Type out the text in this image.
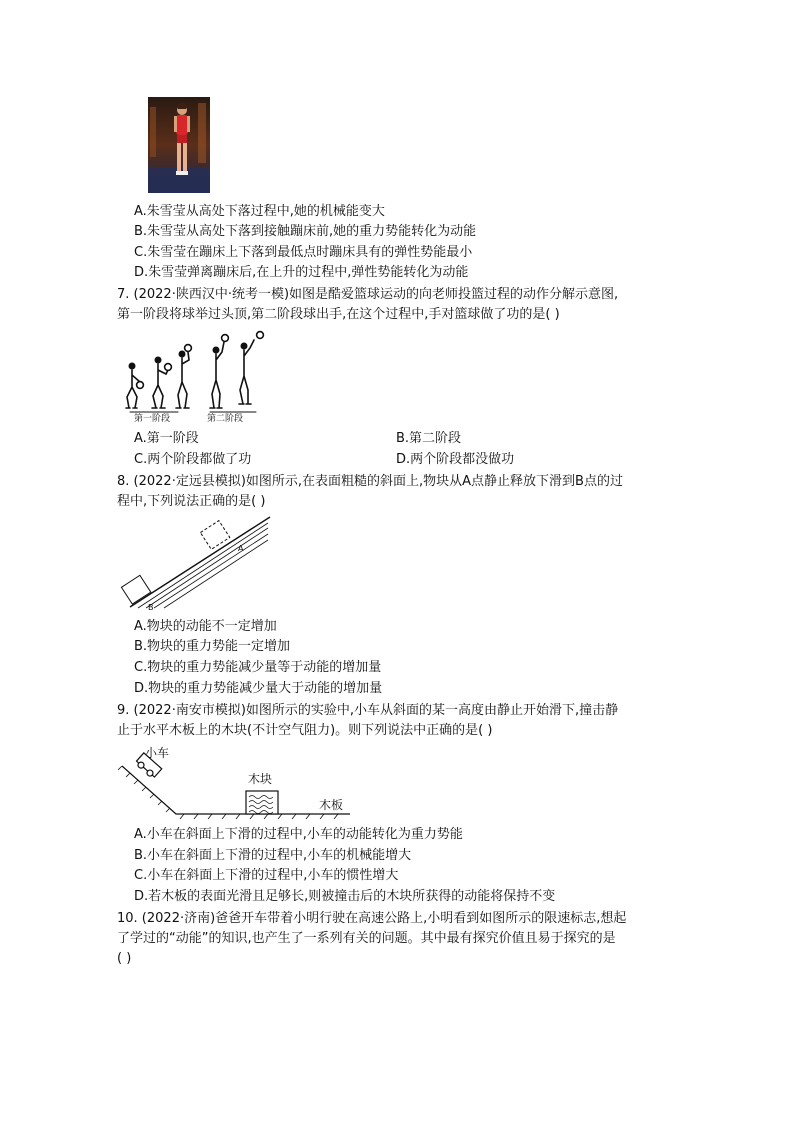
A.朱雪莹从高处下落过程中,她的机械能变大
B.朱雪莹从高处下落到接触蹦床前,她的重力势能转化为动能
C.朱雪莹在蹦床上下落到最低点时蹦床具有的弹性势能最小
D.朱雪莹弹离蹦床后,在上升的过程中,弹性势能转化为动能
7. (2022·陕西汉中·统考一模)如图是酷爱篮球运动的向老师投篮过程的动作分解示意图,
第一阶段将球举过头顶,第二阶段球出手,在这个过程中,手对篮球做了功的是( )
第一阶段	第二阶段
A.第一阶段	B.第二阶段
C.两个阶段都做了功	D.两个阶段都没做功
8. (2022·定远县模拟)如图所示,在表面粗糙的斜面上,物块从A点静止释放下滑到B点的过
程中,下列说法正确的是( )
A
B
A.物块的动能不一定增加
B.物块的重力势能一定增加
C.物块的重力势能减少量等于动能的增加量
D.物块的重力势能减少量大于动能的增加量
9. (2022·南安市模拟)如图所示的实验中,小车从斜面的某一高度由静止开始滑下,撞击静
止于水平木板上的木块(不计空气阻力)。则下列说法中正确的是( )
小车
木块
木板
A.小车在斜面上下滑的过程中,小车的动能转化为重力势能
B.小车在斜面上下滑的过程中,小车的机械能增大
C.小车在斜面上下滑的过程中,小车的惯性增大
D.若木板的表面光滑且足够长,则被撞击后的木块所获得的动能将保持不变
10. (2022·济南)爸爸开车带着小明行驶在高速公路上,小明看到如图所示的限速标志,想起
了学过的“动能”的知识,也产生了一系列有关的问题。其中最有探究价值且易于探究的是
( )
